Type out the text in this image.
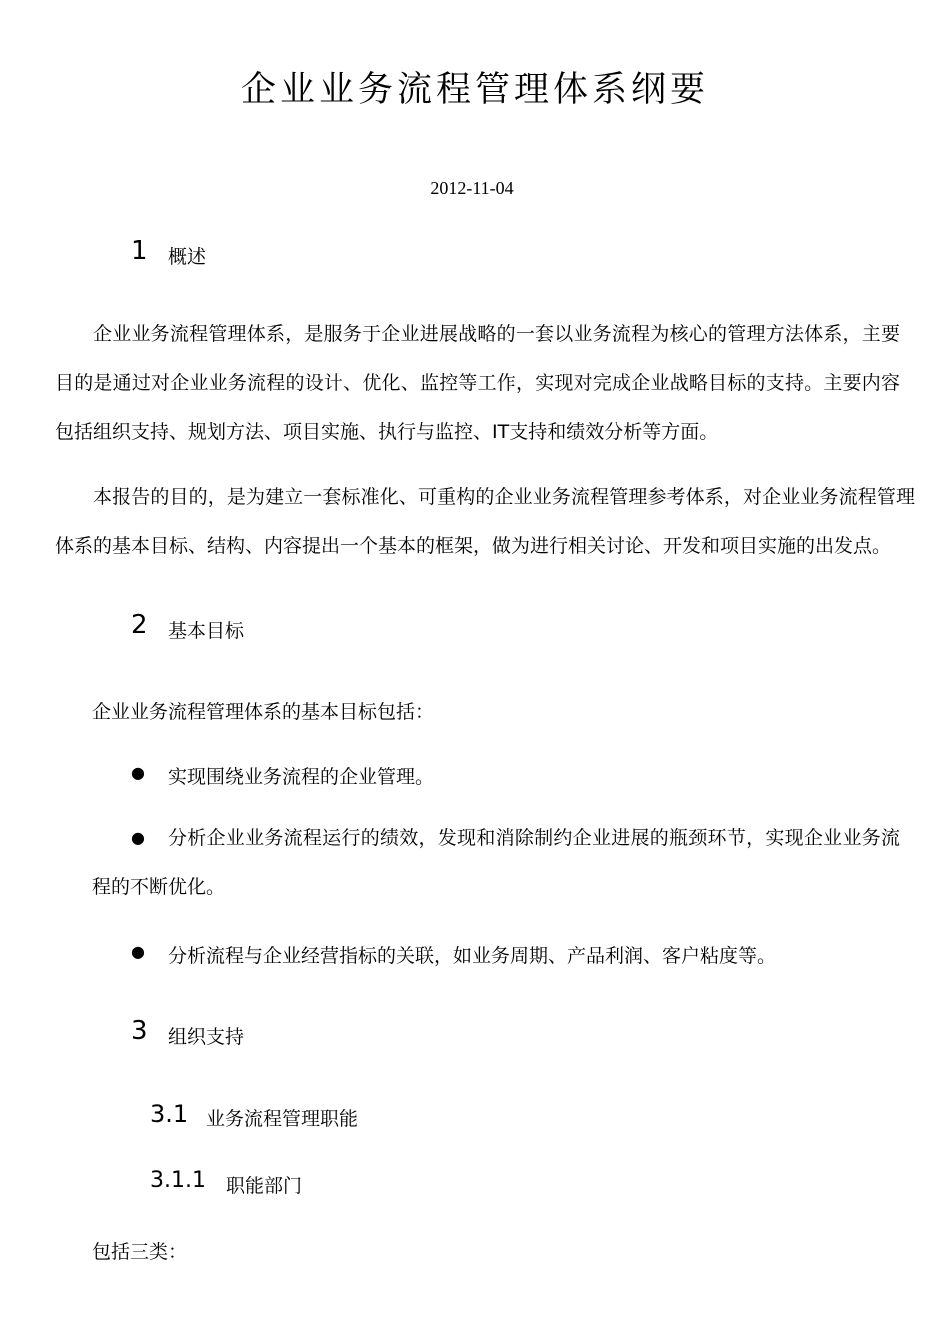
企业业务流程管理体系纲要
2012-11-04
1 概述
企业业务流程管理体系，是服务于企业进展战略的一套以业务流程为核心的管理方法体系，主要目的是通过对企业业务流程的设计、优化、监控等工作，实现对完成企业战略目标的支持。主要内容包括组织支持、规划方法、项目实施、执行与监控、IT支持和绩效分析等方面。
本报告的目的，是为建立一套标准化、可重构的企业业务流程管理参考体系，对企业业务流程管理体系的基本目标、结构、内容提出一个基本的框架，做为进行相关讨论、开发和项目实施的出发点。
2 基本目标
企业业务流程管理体系的基本目标包括：
● 实现围绕业务流程的企业管理。
●	分析企业业务流程运行的绩效，发现和消除制约企业进展的瓶颈环节，实现企业业务流程的不断优化。
● 分析流程与企业经营指标的关联，如业务周期、产品利润、客户粘度等。
3 组织支持
3.1 业务流程管理职能
3.1.1 职能部门
包括三类：
